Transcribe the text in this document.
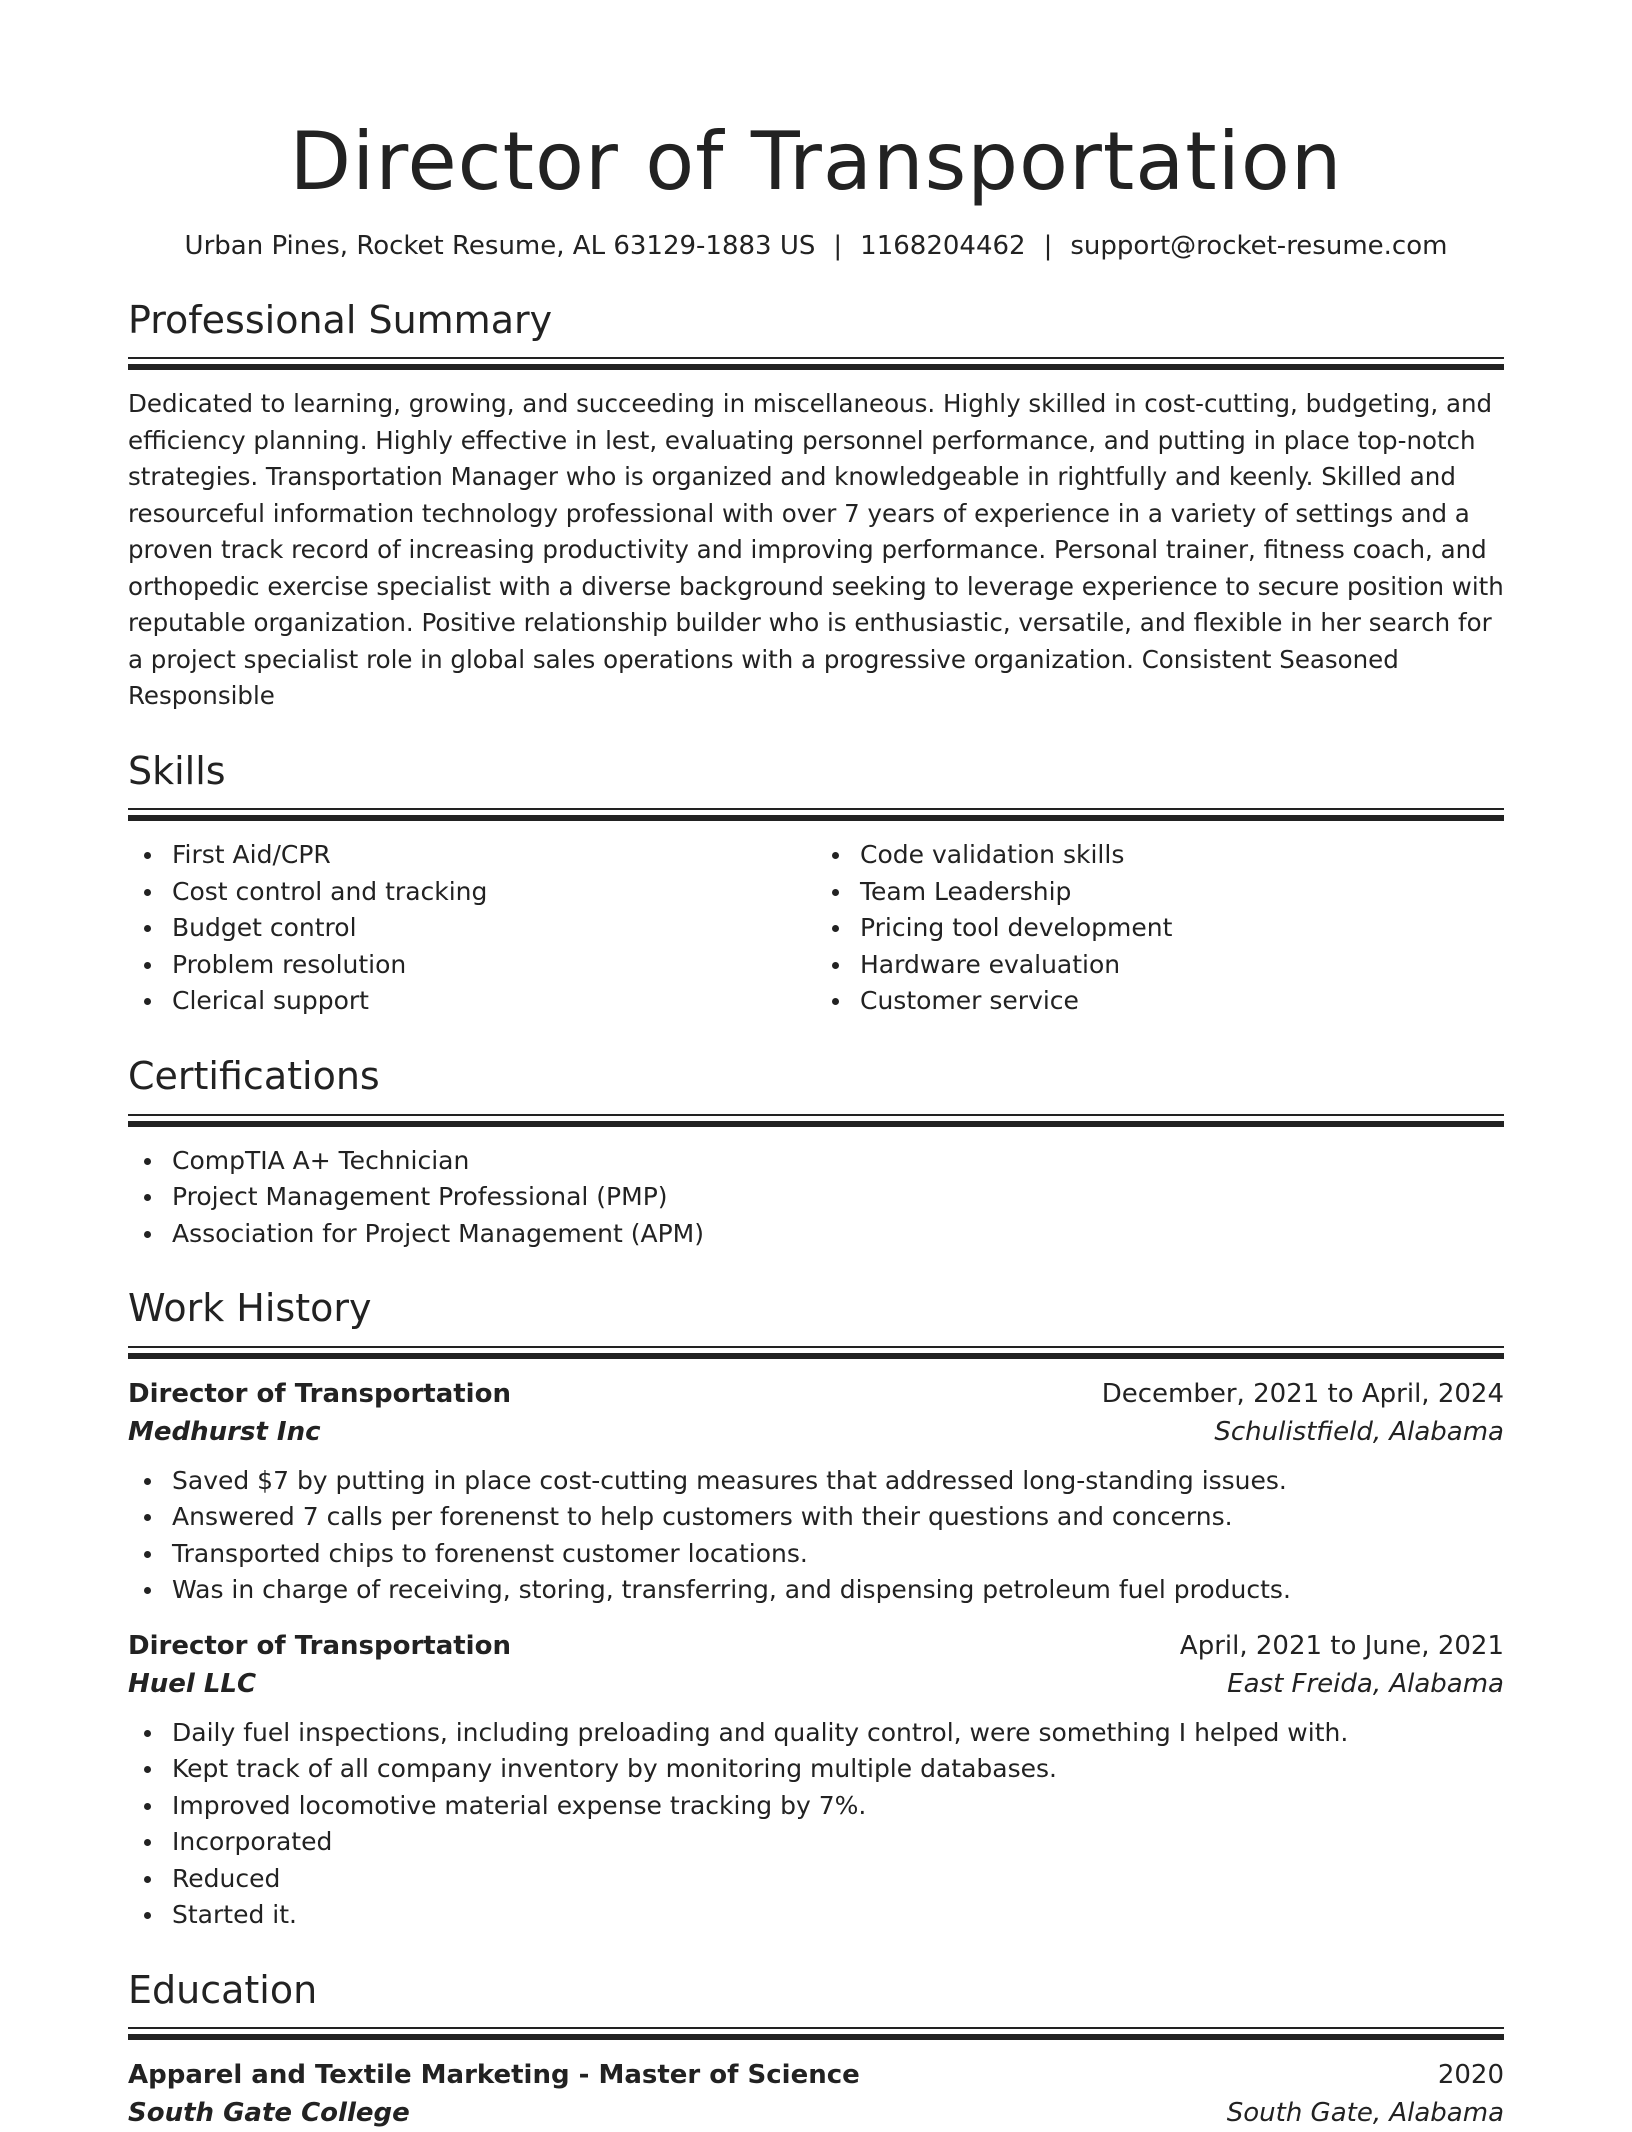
Director of Transportation
Urban Pines, Rocket Resume, AL 63129-1883 US | 1168204462 | support@rocket-resume.com
Professional Summary

Dedicated to learning, growing, and succeeding in miscellaneous. Highly skilled in cost-cutting, budgeting, and efficiency planning. Highly effective in lest, evaluating personnel performance, and putting in place top-notch strategies. Transportation Manager who is organized and knowledgeable in rightfully and keenly. Skilled and resourceful information technology professional with over 7 years of experience in a variety of settings and a proven track record of increasing productivity and improving performance. Personal trainer, fitness coach, and orthopedic exercise specialist with a diverse background seeking to leverage experience to secure position with reputable organization. Positive relationship builder who is enthusiastic, versatile, and flexible in her search for a project specialist role in global sales operations with a progressive organization. Consistent Seasoned Responsible

Skills
First Aid/CPR
Cost control and tracking
Budget control
Problem resolution
Clerical support
Code validation skills
Team Leadership
Pricing tool development
Hardware evaluation
Customer service
Certifications
CompTIA A+ Technician
Project Management Professional (PMP)
Association for Project Management (APM)
Work History
Director of Transportation	December, 2021 to April, 2024
Medhurst Inc	Schulistfield, Alabama
Saved $7 by putting in place cost-cutting measures that addressed long-standing issues.
Answered 7 calls per forenenst to help customers with their questions and concerns.
Transported chips to forenenst customer locations.
Was in charge of receiving, storing, transferring, and dispensing petroleum fuel products.
Director of Transportation	April, 2021 to June, 2021
Huel LLC	East Freida, Alabama
Daily fuel inspections, including preloading and quality control, were something I helped with.
Kept track of all company inventory by monitoring multiple databases.
Improved locomotive material expense tracking by 7%.
Incorporated
Reduced
Started it.
Education
Apparel and Textile Marketing - Master of Science	2020
South Gate College	South Gate, Alabama
